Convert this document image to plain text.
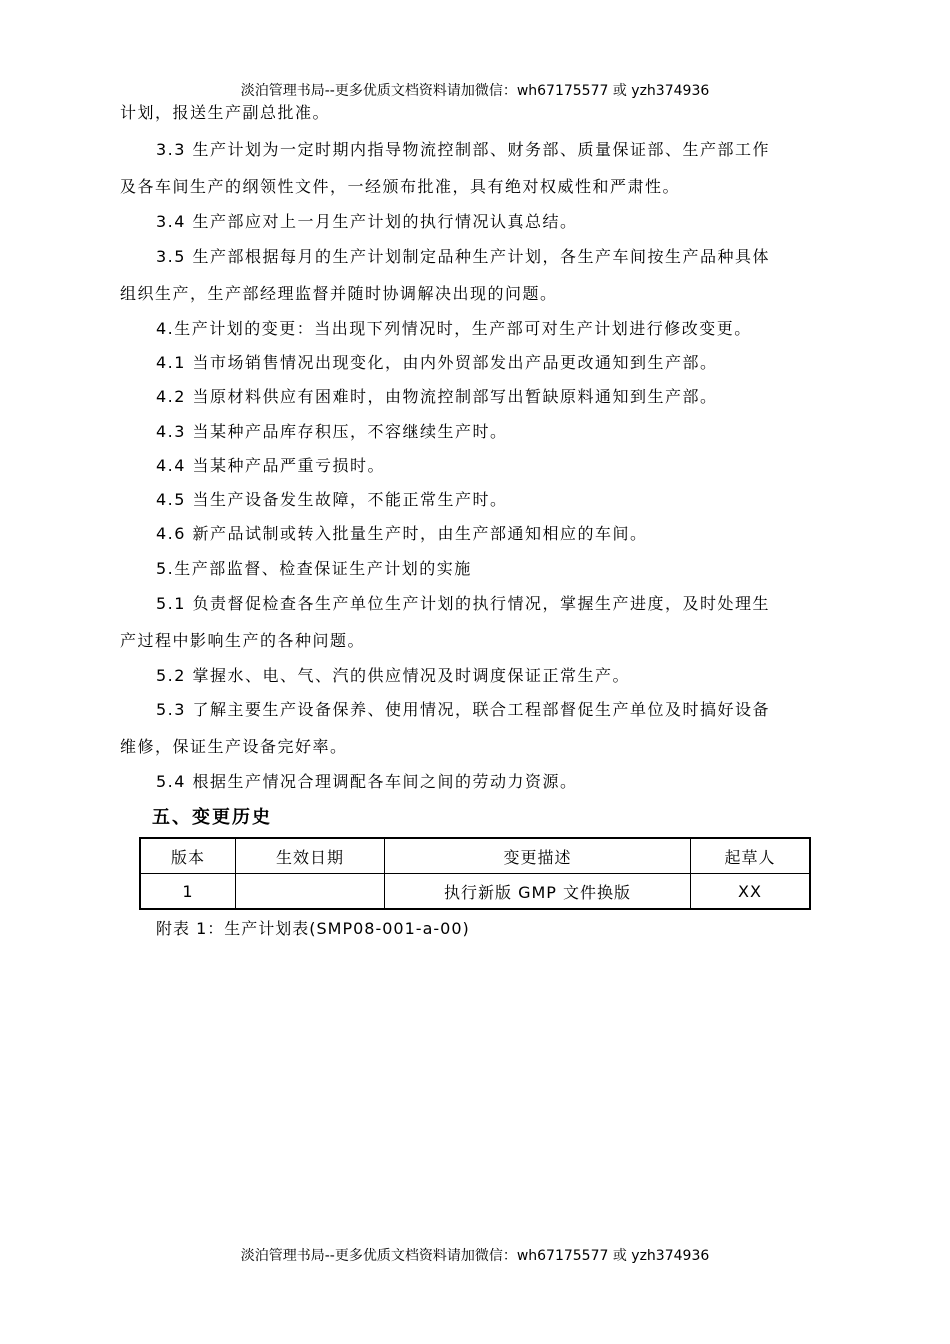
淡泊管理书局--更多优质文档资料请加微信：wh67175577 或 yzh374936
计划，报送生产副总批准。
3.3 生产计划为一定时期内指导物流控制部、财务部、质量保证部、生产部工作
及各车间生产的纲领性文件，一经颁布批准，具有绝对权威性和严肃性。
3.4 生产部应对上一月生产计划的执行情况认真总结。
3.5 生产部根据每月的生产计划制定品种生产计划，各生产车间按生产品种具体
组织生产，生产部经理监督并随时协调解决出现的问题。
4.生产计划的变更：当出现下列情况时，生产部可对生产计划进行修改变更。
4.1 当市场销售情况出现变化，由内外贸部发出产品更改通知到生产部。
4.2 当原材料供应有困难时，由物流控制部写出暂缺原料通知到生产部。
4.3 当某种产品库存积压，不容继续生产时。
4.4 当某种产品严重亏损时。
4.5 当生产设备发生故障，不能正常生产时。
4.6 新产品试制或转入批量生产时，由生产部通知相应的车间。
5.生产部监督、检查保证生产计划的实施
5.1 负责督促检查各生产单位生产计划的执行情况，掌握生产进度，及时处理生
产过程中影响生产的各种问题。
5.2 掌握水、电、气、汽的供应情况及时调度保证正常生产。
5.3 了解主要生产设备保养、使用情况，联合工程部督促生产单位及时搞好设备
维修，保证生产设备完好率。
5.4 根据生产情况合理调配各车间之间的劳动力资源。
五、变更历史
版本	生效日期	变更描述	起草人
1		执行新版 GMP 文件换版	XX
附表 1：生产计划表(SMP08-001-a-00)
淡泊管理书局--更多优质文档资料请加微信：wh67175577 或 yzh374936
